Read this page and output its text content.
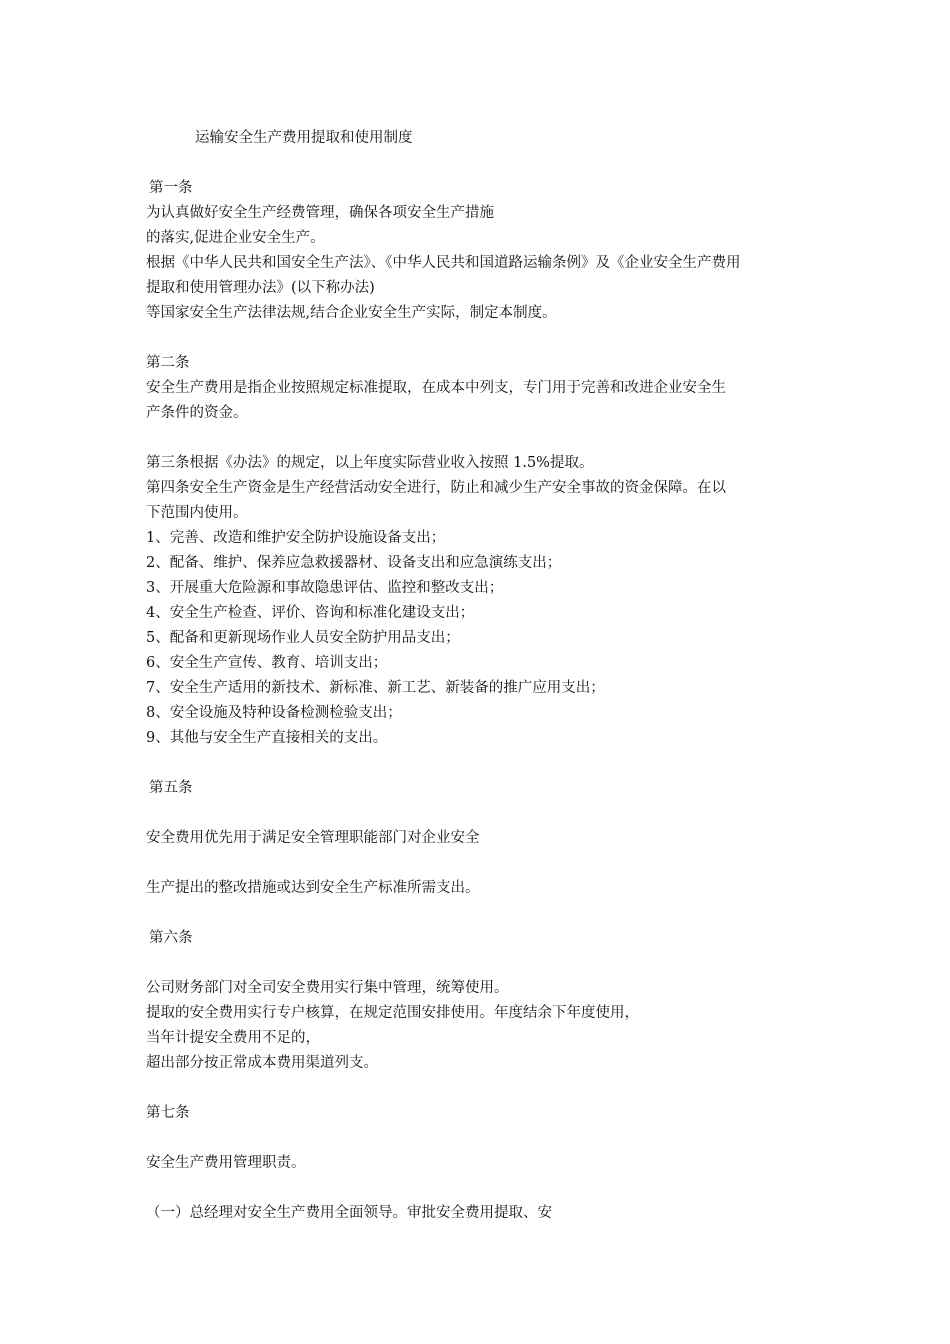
运输安全生产费用提取和使用制度
第一条
为认真做好安全生产经费管理，确保各项安全生产措施
的落实,促进企业安全生产。
根据《中华人民共和国安全生产法》、《中华人民共和国道路运输条例》及《企业安全生产费用
提取和使用管理办法》(以下称办法)
等国家安全生产法律法规,结合企业安全生产实际，制定本制度。
第二条
安全生产费用是指企业按照规定标准提取，在成本中列支，专门用于完善和改进企业安全生
产条件的资金。
第三条根据《办法》的规定，以上年度实际营业收入按照 1.5%提取。
第四条安全生产资金是生产经营活动安全进行，防止和减少生产安全事故的资金保障。在以
下范围内使用。
1、完善、改造和维护安全防护设施设备支出；
2、配备、维护、保养应急救援器材、设备支出和应急演练支出；
3、开展重大危险源和事故隐患评估、监控和整改支出；
4、安全生产检查、评价、咨询和标准化建设支出；
5、配备和更新现场作业人员安全防护用品支出；
6、安全生产宣传、教育、培训支出；
7、安全生产适用的新技术、新标准、新工艺、新装备的推广应用支出；
8、安全设施及特种设备检测检验支出；
9、其他与安全生产直接相关的支出。
第五条
安全费用优先用于满足安全管理职能部门对企业安全
生产提出的整改措施或达到安全生产标准所需支出。
第六条
公司财务部门对全司安全费用实行集中管理，统筹使用。
提取的安全费用实行专户核算，在规定范围安排使用。年度结余下年度使用，
当年计提安全费用不足的，
超出部分按正常成本费用渠道列支。
第七条
安全生产费用管理职责。
（一）总经理对安全生产费用全面领导。审批安全费用提取、安
